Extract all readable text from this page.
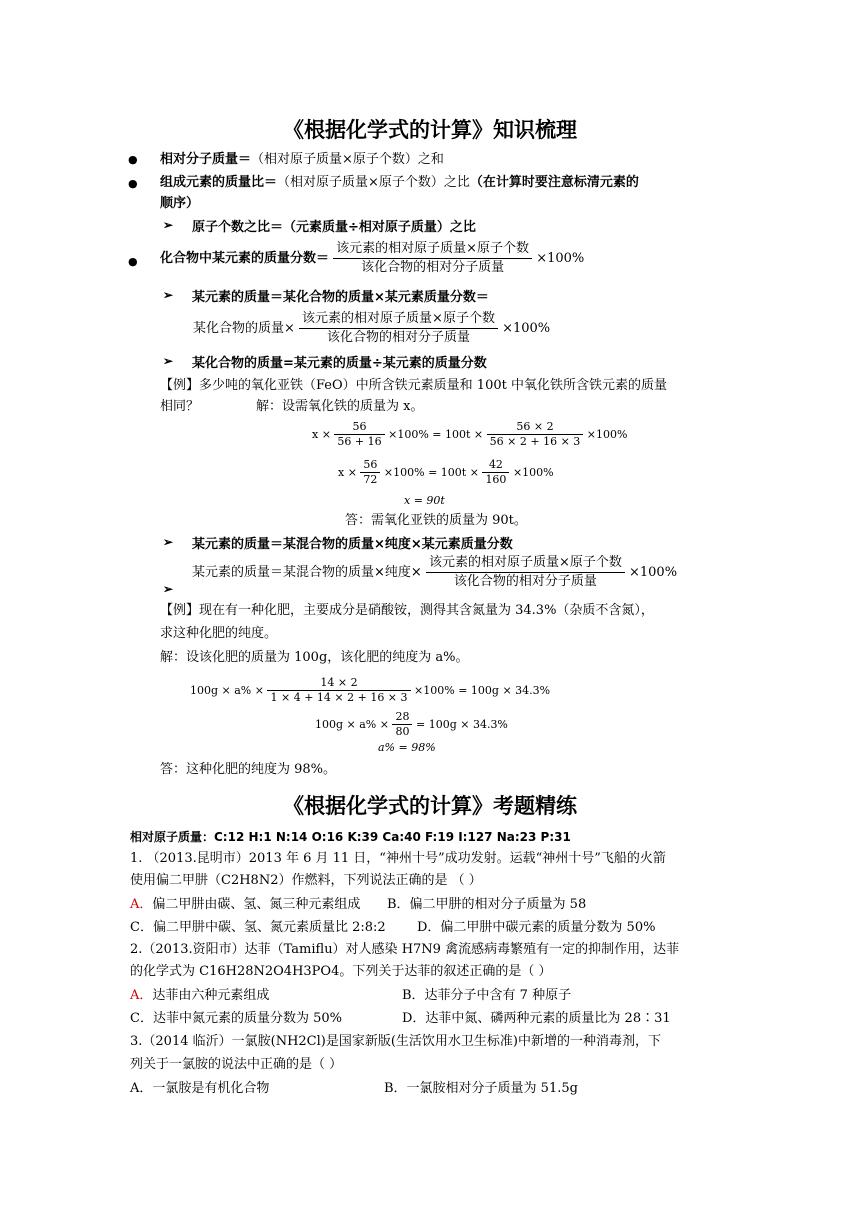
《根据化学式的计算》知识梳理
● 相对分子质量＝（相对原子质量×原子个数）之和
● 组成元素的质量比＝（相对原子质量×原子个数）之比（在计算时要注意标清元素的
顺序）
➢ 原子个数之比＝（元素质量÷相对原子质量）之比
● 化合物中某元素的质量分数＝ $\frac{\text{该元素的相对原子质量×原子个数}}{\text{该化合物的相对分子质量}} \times 100\%$
➢ 某元素的质量＝某化合物的质量×某元素质量分数＝
某化合物的质量× $\frac{\text{该元素的相对原子质量×原子个数}}{\text{该化合物的相对分子质量}} \times 100\%$
➢ 某化合物的质量=某元素的质量÷某元素的质量分数
【例】多少吨的氧化亚铁（FeO）中所含铁元素质量和 100t 中氧化铁所含铁元素的质量
相同？	解：设需氧化铁的质量为 x。
$x \times \frac{56}{56 + 16} \times 100\% = 100t \times \frac{56 \times 2}{56 \times 2 + 16 \times 3} \times 100\%$
$x \times \frac{56}{72} \times 100\% = 100t \times \frac{42}{160} \times 100\%$
x = 90t
答：需氧化亚铁的质量为 90t。
➢ 某元素的质量＝某混合物的质量×纯度×某元素质量分数
➢
某元素的质量＝某混合物的质量×纯度× $\frac{\text{该元素的相对原子质量×原子个数}}{\text{该化合物的相对分子质量}} \times 100\%$
【例】现在有一种化肥，主要成分是硝酸铵，测得其含氮量为 34.3%（杂质不含氮），
求这种化肥的纯度。
解：设该化肥的质量为 100g，该化肥的纯度为 a%。
$100g \times a\% \times \frac{14 \times 2}{1 \times 4 + 14 \times 2 + 16 \times 3} \times 100\% = 100g \times 34.3\%$
$100g \times a\% \times \frac{28}{80} = 100g \times 34.3\%$
a% = 98%
答：这种化肥的纯度为 98%。
《根据化学式的计算》考题精练
相对原子质量：C:12 H:1 N:14 O:16 K:39 Ca:40 F:19 I:127 Na:23 P:31
1. （2013.昆明市）2013 年 6 月 11 日，“神州十号”成功发射。运载“神州十号”飞船的火箭
使用偏二甲肼（C2H8N2）作燃料，下列说法正确的是 （ ）
A．偏二甲肼由碳、氢、氮三种元素组成 B．偏二甲肼的相对分子质量为 58
C．偏二甲肼中碳、氢、氮元素质量比 2:8:2 D．偏二甲肼中碳元素的质量分数为 50%
2.（2013.资阳市）达菲（Tamiflu）对人感染 H7N9 禽流感病毒繁殖有一定的抑制作用，达菲
的化学式为 C16H28N2O4H3PO4。下列关于达菲的叙述正确的是（ ）
A．达菲由六种元素组成	B．达菲分子中含有 7 种原子
C．达菲中氮元素的质量分数为 50%	D．达菲中氮、磷两种元素的质量比为 28∶31
3.（2014 临沂）一氯胺(NH2Cl)是国家新版(生活饮用水卫生标准)中新增的一种消毒剂，下
列关于一氯胺的说法中正确的是（ ）
A．一氯胺是有机化合物	B．一氯胺相对分子质量为 51.5g
